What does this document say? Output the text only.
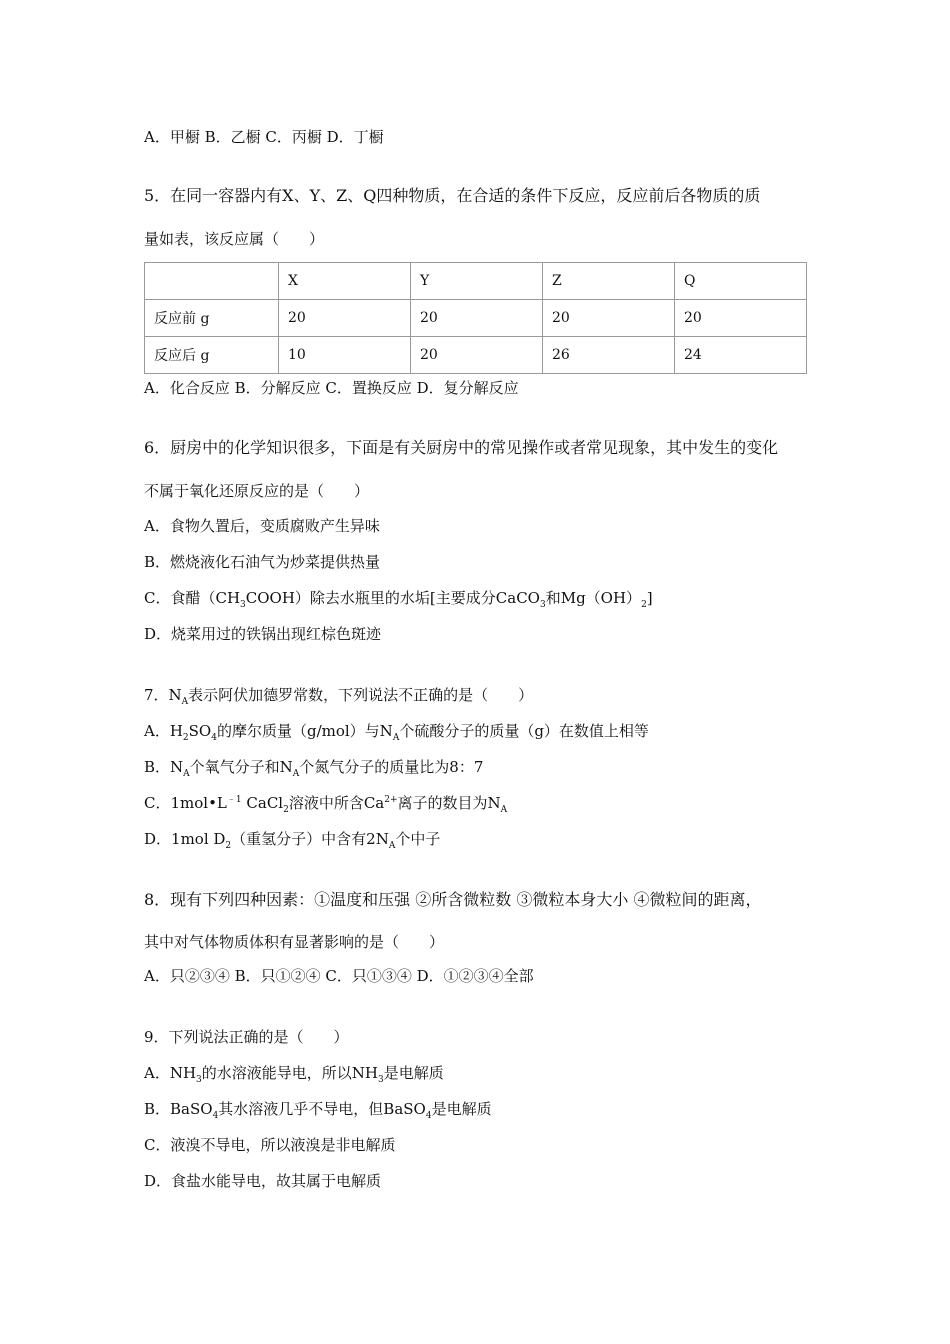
A．甲橱 B．乙橱 C．丙橱 D．丁橱
5．在同一容器内有X、Y、Z、Q四种物质，在合适的条件下反应，反应前后各物质的质
量如表，该反应属（　　）
	X	Y	Z	Q
反应前 g	20	20	20	20
反应后 g	10	20	26	24
A．化合反应 B．分解反应 C．置换反应 D．复分解反应
6．厨房中的化学知识很多，下面是有关厨房中的常见操作或者常见现象，其中发生的变化
不属于氧化还原反应的是（　　）
A．食物久置后，变质腐败产生异味
B．燃烧液化石油气为炒菜提供热量
C．食醋$(CH_3COOH)$除去水瓶里的水垢[主要成分CaCO$_3$和$Mg(OH)_2$]
D．烧菜用过的铁锅出现红棕色斑迹
7．$N_A$表示阿伏加德罗常数，下列说法不正确的是（　　）
A．$H_2SO_4$的摩尔质量（g/mol）与$N_A$个硫酸分子的质量（g）在数值上相等
B．$N_A$个氧气分子和$N_A$个氮气分子的质量比为8：7
C．$1mol•L^{﹣1}$ CaCl$_2$溶液中所含$Ca^{2+}$离子的数目为$N_A$
D．1mol $D_2$（重氢分子）中含有$2N_A$个中子
8．现有下列四种因素：①温度和压强 ②所含微粒数 ③微粒本身大小 ④微粒间的距离，
其中对气体物质体积有显著影响的是（　　）
A．只②③④ B．只①②④ C．只①③④ D．①②③④全部
9．下列说法正确的是（　　）
A．$NH_3$的水溶液能导电，所以$NH_3$是电解质
B．BaSO$_4$其水溶液几乎不导电，但BaSO$_4$是电解质
C．液溴不导电，所以液溴是非电解质
D．食盐水能导电，故其属于电解质
